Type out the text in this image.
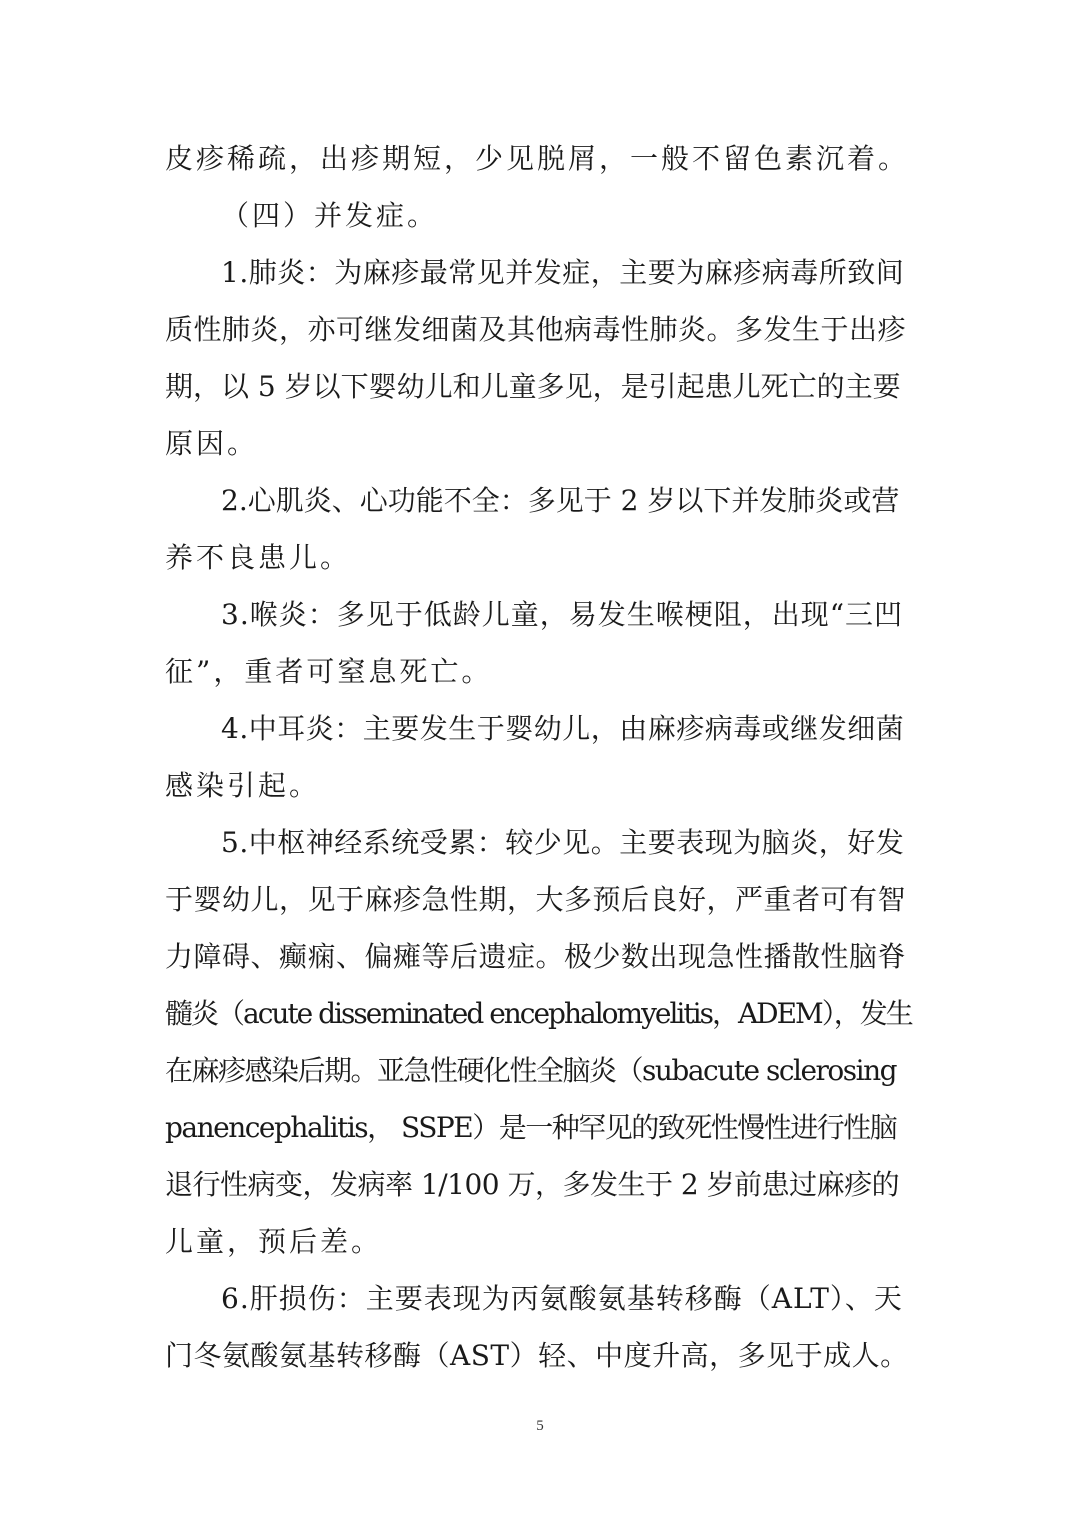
皮疹稀疏，出疹期短，少见脱屑，一般不留色素沉着。
（四）并发症。
1.肺炎：为麻疹最常见并发症，主要为麻疹病毒所致间
质性肺炎，亦可继发细菌及其他病毒性肺炎。多发生于出疹
期，以 5 岁以下婴幼儿和儿童多见，是引起患儿死亡的主要
原因。
2.心肌炎、心功能不全：多见于 2 岁以下并发肺炎或营
养不良患儿。
3.喉炎：多见于低龄儿童，易发生喉梗阻，出现“三凹
征”，重者可窒息死亡。
4.中耳炎：主要发生于婴幼儿，由麻疹病毒或继发细菌
感染引起。
5.中枢神经系统受累：较少见。主要表现为脑炎，好发
于婴幼儿，见于麻疹急性期，大多预后良好，严重者可有智
力障碍、癫痫、偏瘫等后遗症。极少数出现急性播散性脑脊
髓炎（acute disseminated encephalomyelitis，ADEM），发生
在麻疹感染后期。亚急性硬化性全脑炎（subacute sclerosing
panencephalitis， SSPE）是一种罕见的致死性慢性进行性脑
退行性病变，发病率 1/100 万，多发生于 2 岁前患过麻疹的
儿童，预后差。
6.肝损伤：主要表现为丙氨酸氨基转移酶（ALT）、天
门冬氨酸氨基转移酶（AST）轻、中度升高，多见于成人。
5
